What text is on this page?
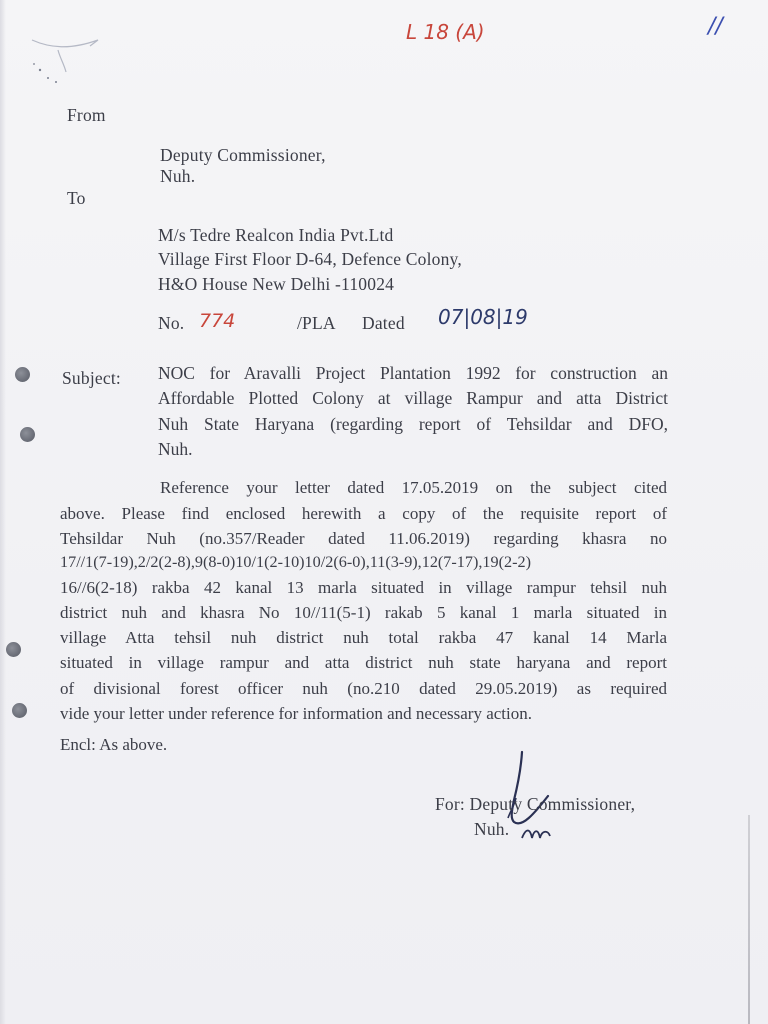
L 18 (A)	//
From
Deputy Commissioner,
Nuh.
To
M/s Tedre Realcon India Pvt.Ltd
Village First Floor D-64, Defence Colony,
H&O House New Delhi -110024
No. 774	/PLA Dated 07|08|19
Subject: NOC for Aravalli Project Plantation 1992 for construction an
Affordable Plotted Colony at village Rampur and atta District
Nuh State Haryana (regarding report of Tehsildar and DFO,
Nuh.
Reference your letter dated 17.05.2019 on the subject cited
above. Please find enclosed herewith a copy of the requisite report of
Tehsildar Nuh (no.357/Reader dated 11.06.2019) regarding khasra no
17//1(7-19),2/2(2-8),9(8-0)10/1(2-10)10/2(6-0),11(3-9),12(7-17),19(2-2)
16//6(2-18) rakba 42 kanal 13 marla situated in village rampur tehsil nuh
district nuh and khasra No 10//11(5-1) rakab 5 kanal 1 marla situated in
village Atta tehsil nuh district nuh total rakba 47 kanal 14 Marla
situated in village rampur and atta district nuh state haryana and report
of divisional forest officer nuh (no.210 dated 29.05.2019) as required
vide your letter under reference for information and necessary action.
Encl: As above.
For: Deputy Commissioner,
Nuh.
